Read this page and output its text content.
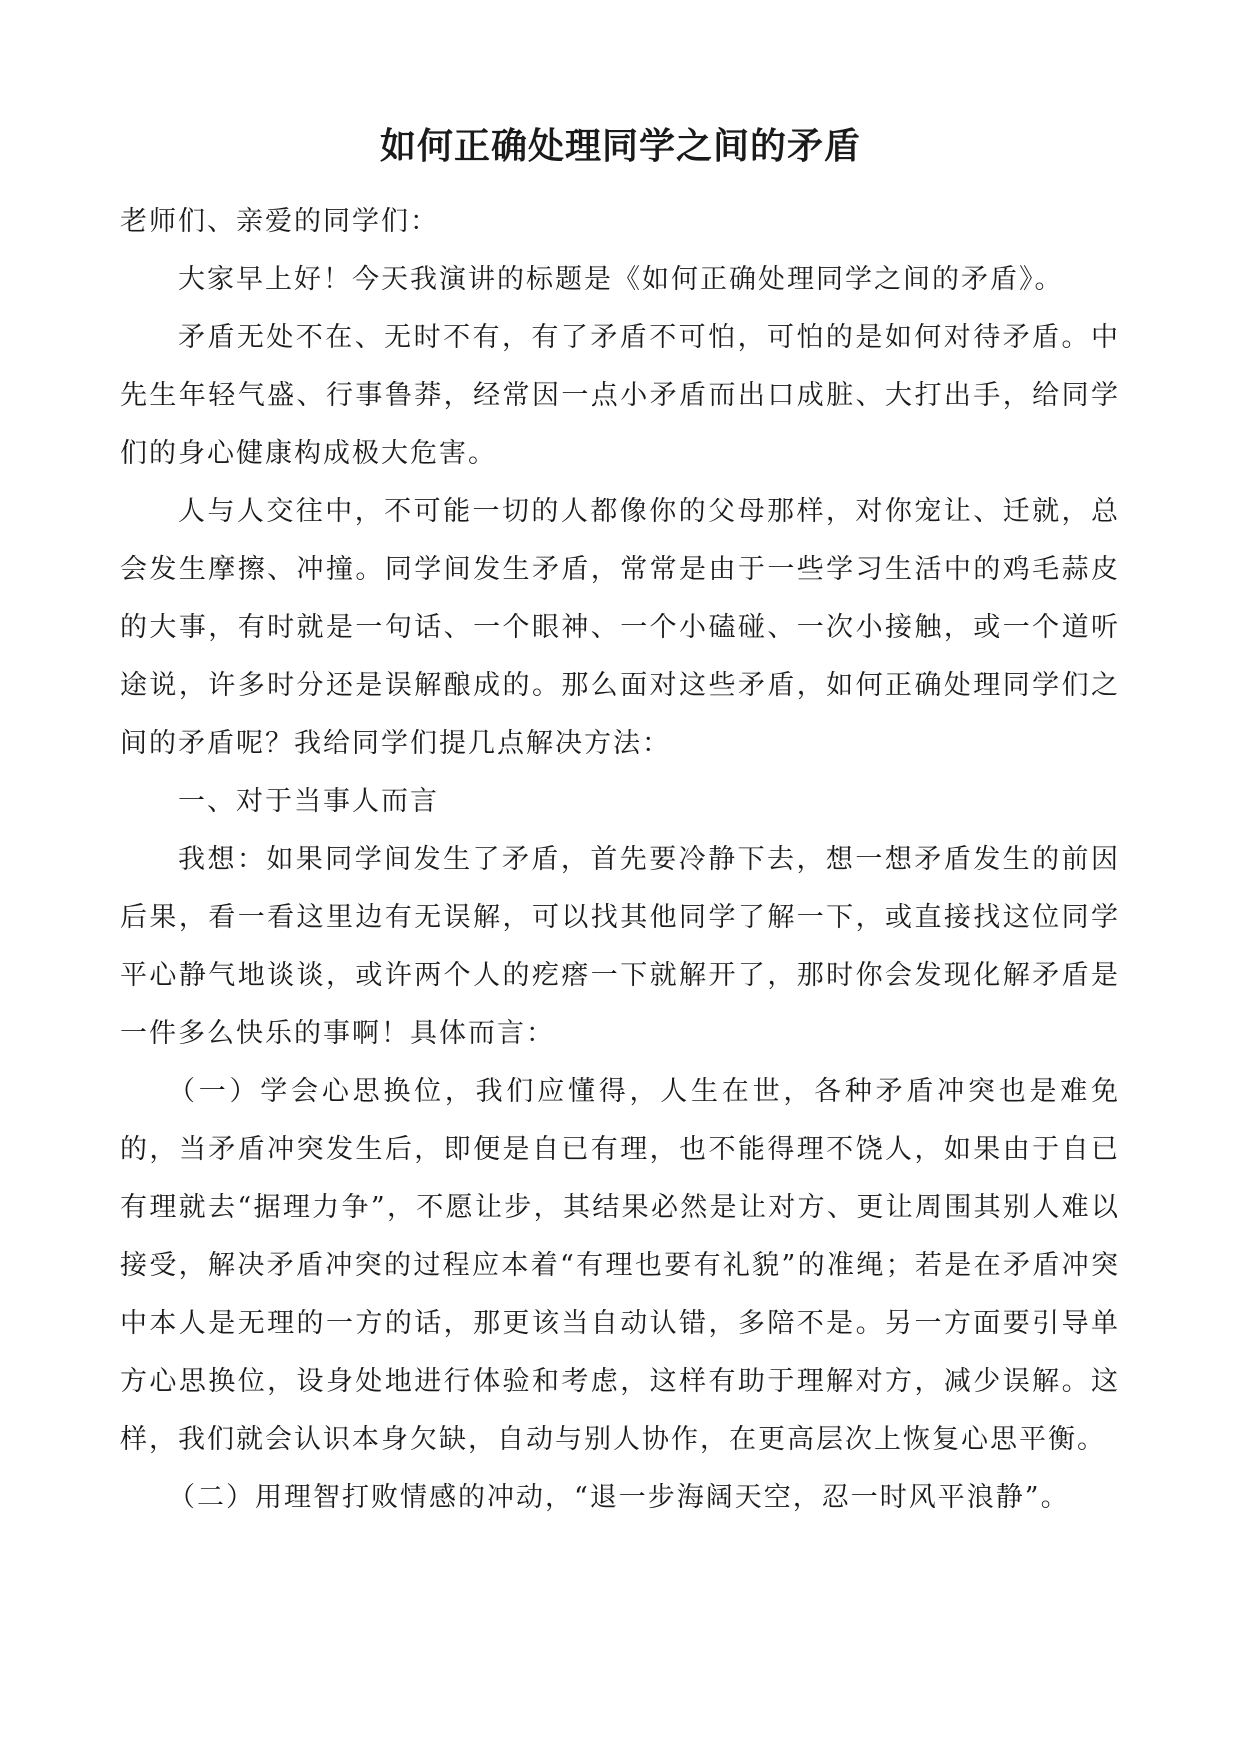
如何正确处理同学之间的矛盾

老师们、亲爱的同学们：

大家早上好！今天我演讲的标题是《如何正确处理同学之间的矛盾》。

矛盾无处不在、无时不有，有了矛盾不可怕，可怕的是如何对待矛盾。中先生年轻气盛、行事鲁莽，经常因一点小矛盾而出口成脏、大打出手，给同学们的身心健康构成极大危害。

人与人交往中，不可能一切的人都像你的父母那样，对你宠让、迁就，总会发生摩擦、冲撞。同学间发生矛盾，常常是由于一些学习生活中的鸡毛蒜皮的大事，有时就是一句话、一个眼神、一个小磕碰、一次小接触，或一个道听途说，许多时分还是误解酿成的。那么面对这些矛盾，如何正确处理同学们之间的矛盾呢？我给同学们提几点解决方法：

一、对于当事人而言

我想：如果同学间发生了矛盾，首先要冷静下去，想一想矛盾发生的前因后果，看一看这里边有无误解，可以找其他同学了解一下，或直接找这位同学平心静气地谈谈，或许两个人的疙瘩一下就解开了，那时你会发现化解矛盾是一件多么快乐的事啊！具体而言：

（一）学会心思换位，我们应懂得，人生在世，各种矛盾冲突也是难免的，当矛盾冲突发生后，即便是自已有理，也不能得理不饶人，如果由于自已有理就去“据理力争”，不愿让步，其结果必然是让对方、更让周围其别人难以接受，解决矛盾冲突的过程应本着“有理也要有礼貌”的准绳；若是在矛盾冲突中本人是无理的一方的话，那更该当自动认错，多陪不是。另一方面要引导单方心思换位，设身处地进行体验和考虑，这样有助于理解对方，减少误解。这样，我们就会认识本身欠缺，自动与别人协作，在更高层次上恢复心思平衡。

（二）用理智打败情感的冲动，“退一步海阔天空，忍一时风平浪静”。
